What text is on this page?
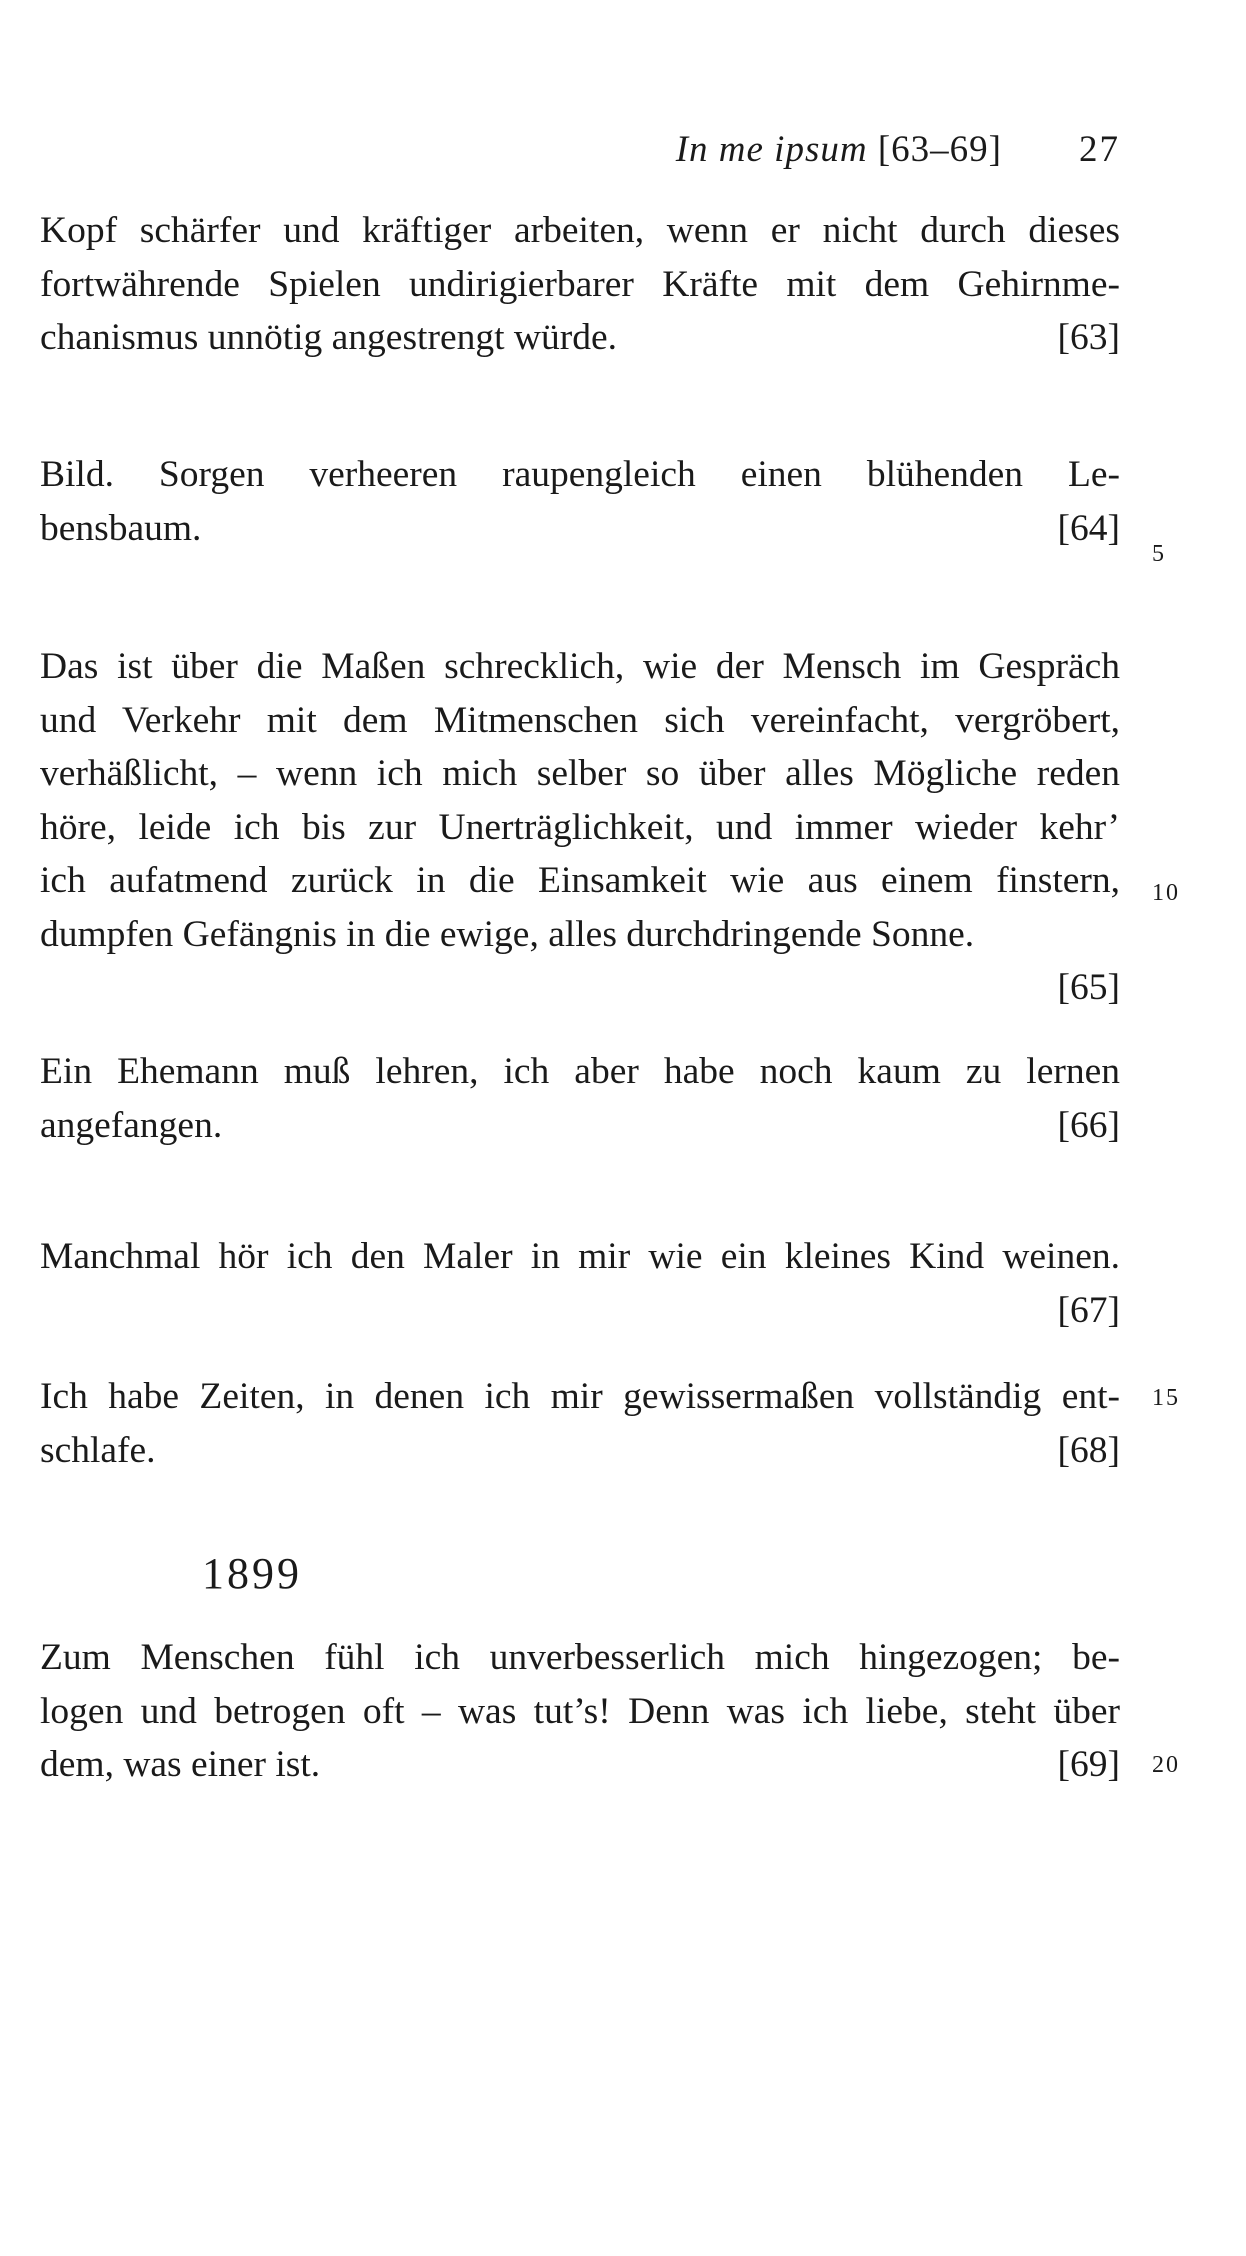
In me ipsum [63–69] 27
Kopf schärfer und kräftiger arbeiten, wenn er nicht durch dieses
fortwährende Spielen undirigierbarer Kräfte mit dem Gehirnme-
chanismus unnötig angestrengt würde.	[63]
Bild. Sorgen verheeren raupengleich einen blühenden Le-
bensbaum.	[64]
Das ist über die Maßen schrecklich, wie der Mensch im Gespräch
und Verkehr mit dem Mitmenschen sich vereinfacht, vergröbert,
verhäßlicht, – wenn ich mich selber so über alles Mögliche reden
höre, leide ich bis zur Unerträglichkeit, und immer wieder kehr’
ich aufatmend zurück in die Einsamkeit wie aus einem finstern,
dumpfen Gefängnis in die ewige, alles durchdringende Sonne.
[65]
Ein Ehemann muß lehren, ich aber habe noch kaum zu lernen
angefangen.	[66]
Manchmal hör ich den Maler in mir wie ein kleines Kind weinen.
[67]
Ich habe Zeiten, in denen ich mir gewissermaßen vollständig ent-
schlafe.	[68]
Zum Menschen fühl ich unverbesserlich mich hingezogen; be-
logen und betrogen oft – was tut’s! Denn was ich liebe, steht über
dem, was einer ist.	[69]
1899
5
10
15
20
